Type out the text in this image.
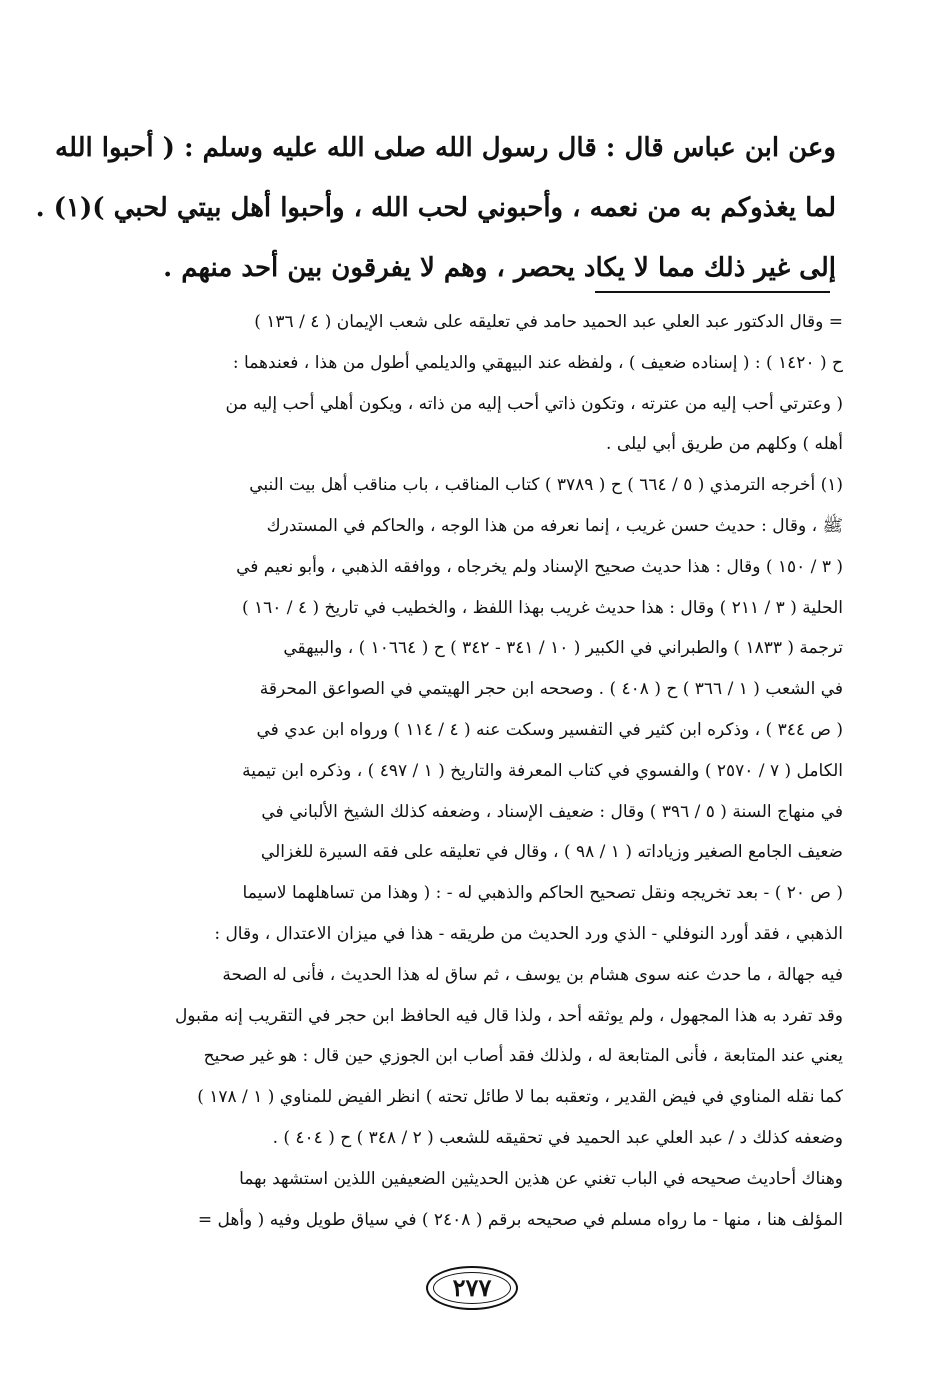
وعن ابن عباس قال : قال رسول الله صلى الله عليه وسلم : ( أحبوا الله
لما يغذوكم به من نعمه ، وأحبوني لحب الله ، وأحبوا أهل بيتي لحبي )(١) .
إلى غير ذلك مما لا يكاد يحصر ، وهم لا يفرقون بين أحد منهم .
= وقال الدكتور عبد العلي عبد الحميد حامد في تعليقه على شعب الإيمان ( ٤ / ١٣٦ )
ح ( ١٤٢٠ ) : ( إسناده ضعيف ) ، ولفظه عند البيهقي والديلمي أطول من هذا ، فعندهما :
( وعترتي أحب إليه من عترته ، وتكون ذاتي أحب إليه من ذاته ، ويكون أهلي أحب إليه من
أهله ) وكلهم من طريق أبي ليلى .
(١) أخرجه الترمذي ( ٥ / ٦٦٤ ) ح ( ٣٧٨٩ ) كتاب المناقب ، باب مناقب أهل بيت النبي
ﷺ ، وقال : حديث حسن غريب ، إنما نعرفه من هذا الوجه ، والحاكم في المستدرك
( ٣ / ١٥٠ ) وقال : هذا حديث صحيح الإسناد ولم يخرجاه ، ووافقه الذهبي ، وأبو نعيم في
الحلية ( ٣ / ٢١١ ) وقال : هذا حديث غريب بهذا اللفظ ، والخطيب في تاريخ ( ٤ / ١٦٠ )
ترجمة ( ١٨٣٣ ) والطبراني في الكبير ( ١٠ / ٣٤١ - ٣٤٢ ) ح ( ١٠٦٦٤ ) ، والبيهقي
في الشعب ( ١ / ٣٦٦ ) ح ( ٤٠٨ ) . وصححه ابن حجر الهيتمي في الصواعق المحرقة
( ص ٣٤٤ ) ، وذكره ابن كثير في التفسير وسكت عنه ( ٤ / ١١٤ ) ورواه ابن عدي في
الكامل ( ٧ / ٢٥٧٠ ) والفسوي في كتاب المعرفة والتاريخ ( ١ / ٤٩٧ ) ، وذكره ابن تيمية
في منهاج السنة ( ٥ / ٣٩٦ ) وقال : ضعيف الإسناد ، وضعفه كذلك الشيخ الألباني في
ضعيف الجامع الصغير وزياداته ( ١ / ٩٨ ) ، وقال في تعليقه على فقه السيرة للغزالي
( ص ٢٠ ) - بعد تخريجه ونقل تصحيح الحاكم والذهبي له - : ( وهذا من تساهلهما لاسيما
الذهبي ، فقد أورد النوفلي - الذي ورد الحديث من طريقه - هذا في ميزان الاعتدال ، وقال :
فيه جهالة ، ما حدث عنه سوى هشام بن يوسف ، ثم ساق له هذا الحديث ، فأنى له الصحة
وقد تفرد به هذا المجهول ، ولم يوثقه أحد ، ولذا قال فيه الحافظ ابن حجر في التقريب إنه مقبول
يعني عند المتابعة ، فأنى المتابعة له ، ولذلك فقد أصاب ابن الجوزي حين قال : هو غير صحيح
كما نقله المناوي في فيض القدير ، وتعقبه بما لا طائل تحته ) انظر الفيض للمناوي ( ١ / ١٧٨ )
وضعفه كذلك د / عبد العلي عبد الحميد في تحقيقه للشعب ( ٢ / ٣٤٨ ) ح ( ٤٠٤ ) .
وهناك أحاديث صحيحه في الباب تغني عن هذين الحديثين الضعيفين اللذين استشهد بهما
المؤلف هنا ، منها - ما رواه مسلم في صحيحه برقم ( ٢٤٠٨ ) في سياق طويل وفيه ( وأهل =
٢٧٧
